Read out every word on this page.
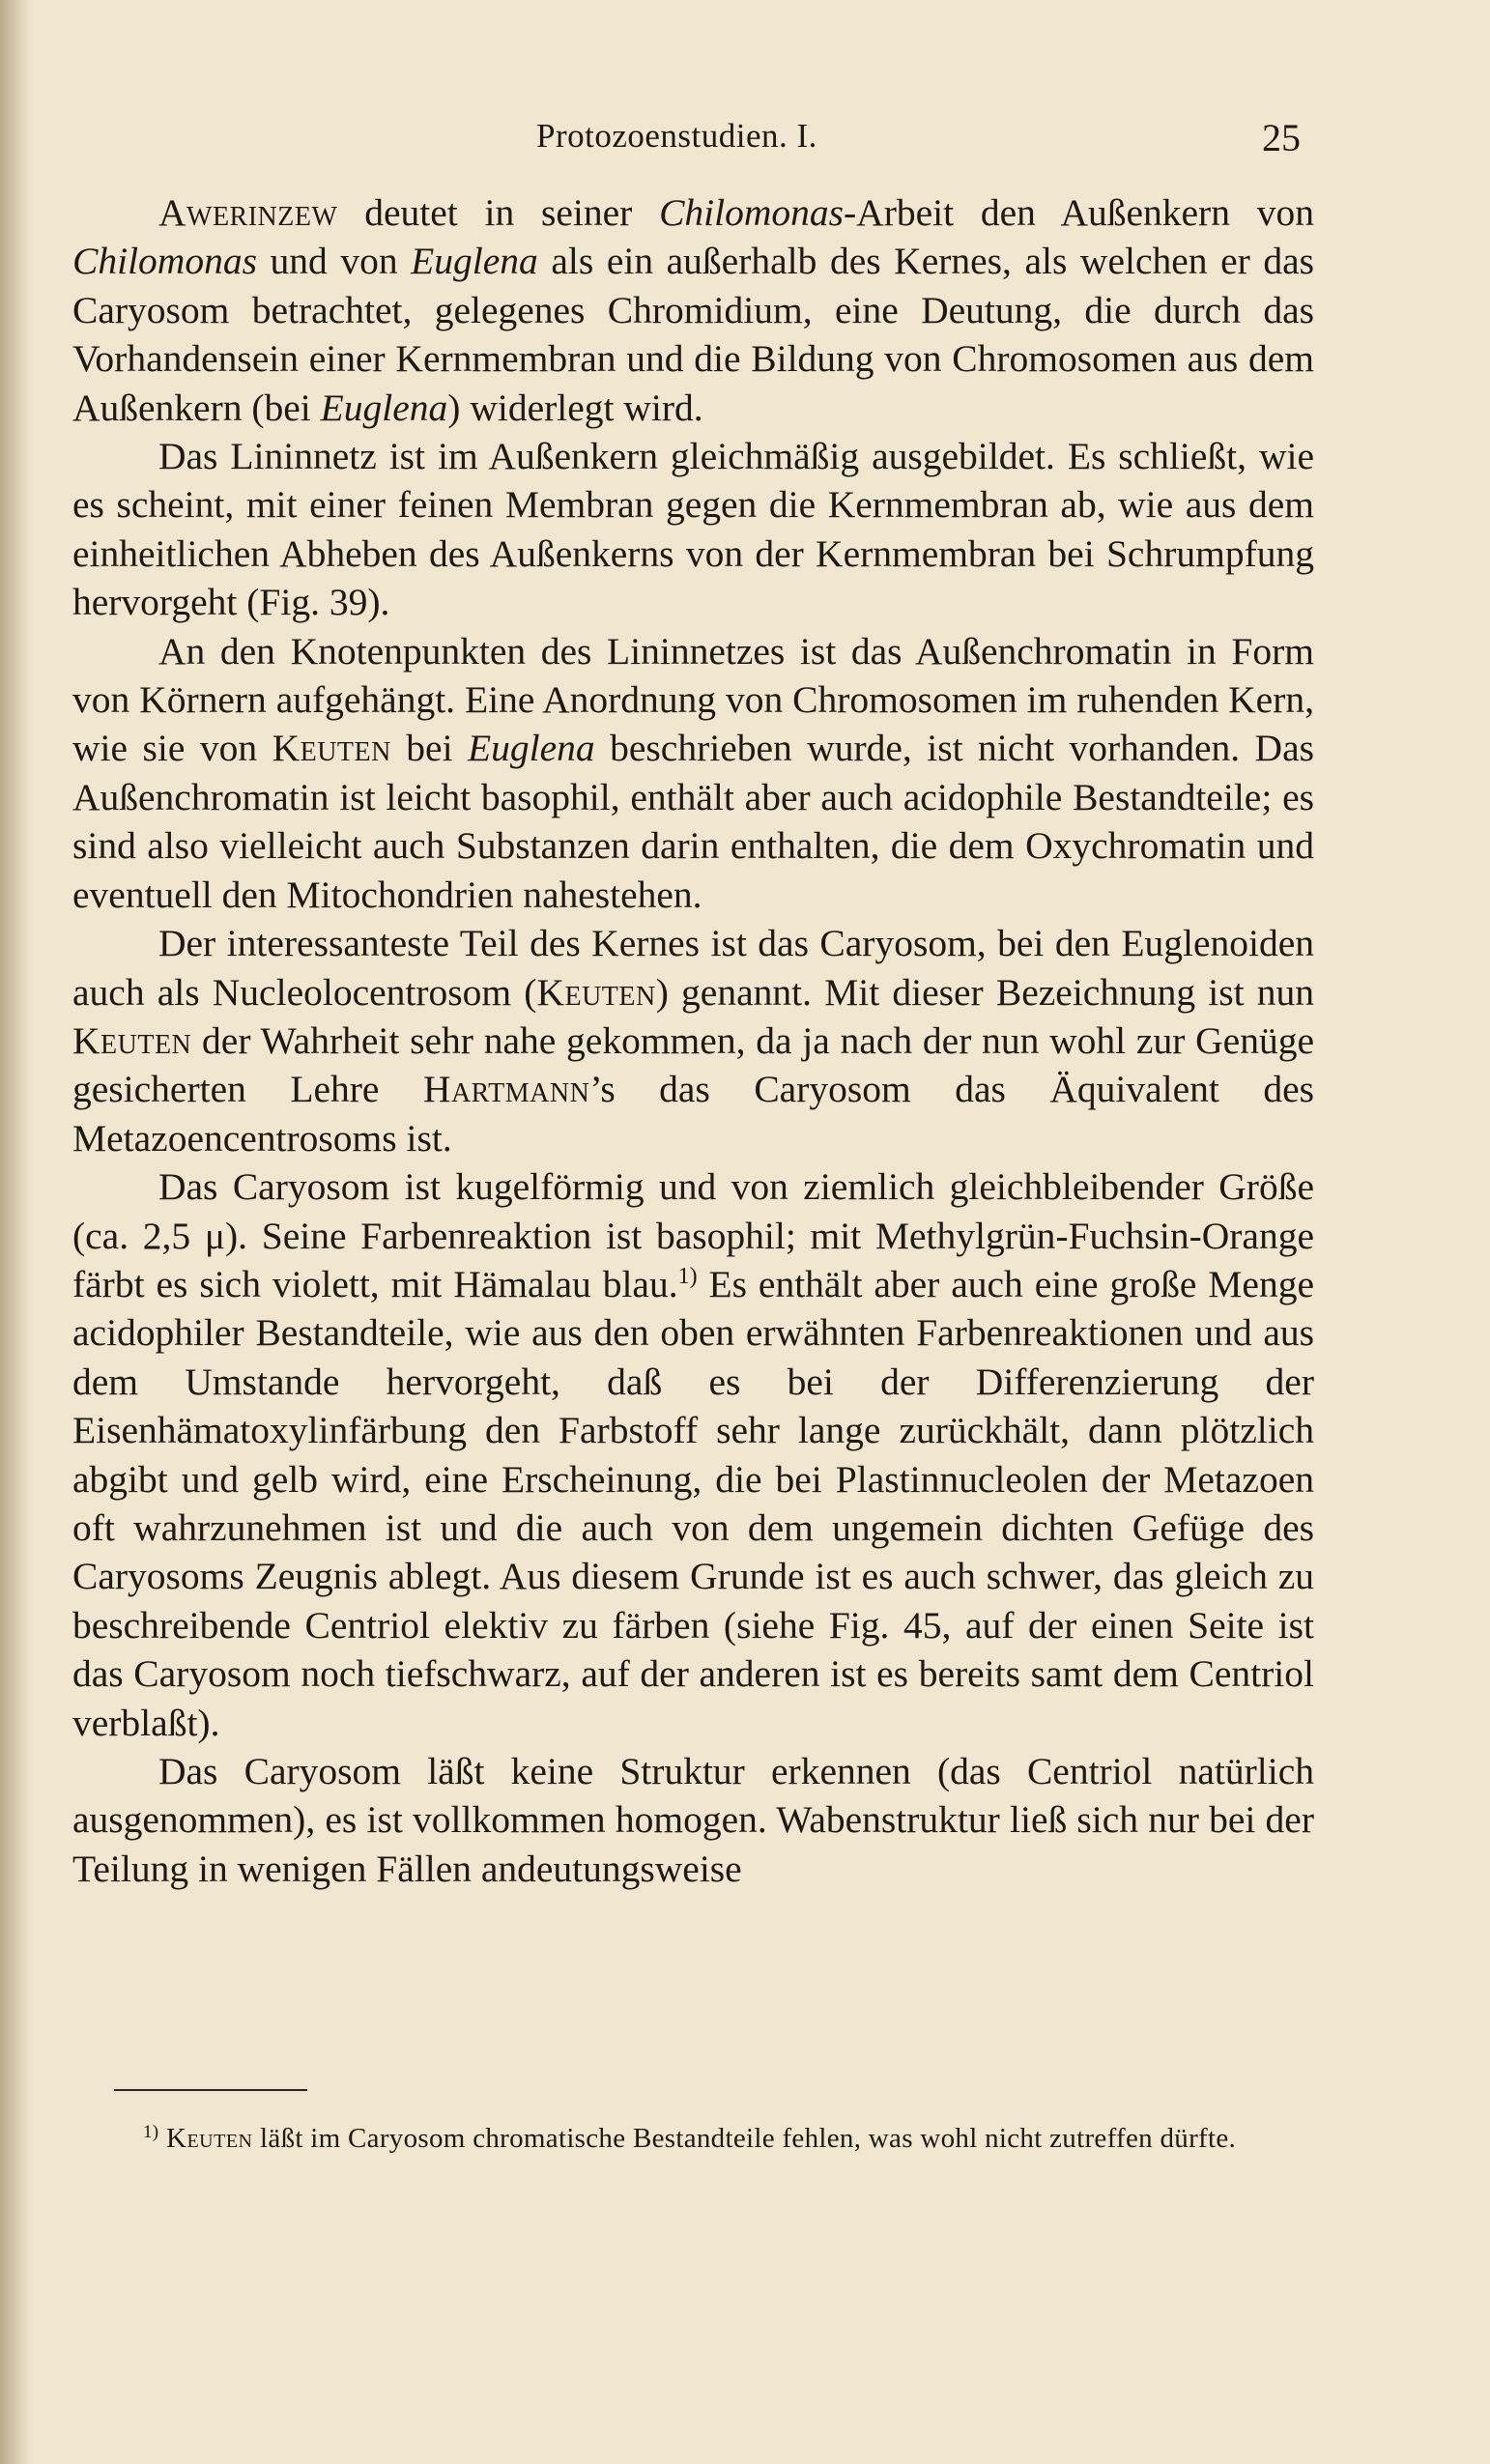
Protozoenstudien. I.	25

Awerinzew deutet in seiner Chilomonas-Arbeit den Außenkern von Chilomonas und von Euglena als ein außerhalb des Kernes, als welchen er das Caryosom betrachtet, gelegenes Chromidium, eine Deutung, die durch das Vorhandensein einer Kernmembran und die Bildung von Chromosomen aus dem Außenkern (bei Euglena) widerlegt wird.

Das Lininnetz ist im Außenkern gleichmäßig ausgebildet. Es schließt, wie es scheint, mit einer feinen Membran gegen die Kernmembran ab, wie aus dem einheitlichen Abheben des Außenkerns von der Kernmembran bei Schrumpfung hervorgeht (Fig. 39).

An den Knotenpunkten des Lininnetzes ist das Außenchromatin in Form von Körnern aufgehängt. Eine Anordnung von Chromosomen im ruhenden Kern, wie sie von Keuten bei Euglena beschrieben wurde, ist nicht vorhanden. Das Außenchromatin ist leicht basophil, enthält aber auch acidophile Bestandteile; es sind also vielleicht auch Substanzen darin enthalten, die dem Oxychromatin und eventuell den Mitochondrien nahestehen.

Der interessanteste Teil des Kernes ist das Caryosom, bei den Euglenoiden auch als Nucleolocentrosom (Keuten) genannt. Mit dieser Bezeichnung ist nun Keuten der Wahrheit sehr nahe gekommen, da ja nach der nun wohl zur Genüge gesicherten Lehre Hartmann’s das Caryosom das Äquivalent des Metazoencentrosoms ist.

Das Caryosom ist kugelförmig und von ziemlich gleichbleibender Größe (ca. 2,5 μ). Seine Farbenreaktion ist basophil; mit Methylgrün-Fuchsin-Orange färbt es sich violett, mit Hämalau blau.$^{1)}$ Es enthält aber auch eine große Menge acidophiler Bestandteile, wie aus den oben erwähnten Farbenreaktionen und aus dem Umstande hervorgeht, daß es bei der Differenzierung der Eisenhämatoxylinfärbung den Farbstoff sehr lange zurückhält, dann plötzlich abgibt und gelb wird, eine Erscheinung, die bei Plastinnucleolen der Metazoen oft wahrzunehmen ist und die auch von dem ungemein dichten Gefüge des Caryosoms Zeugnis ablegt. Aus diesem Grunde ist es auch schwer, das gleich zu beschreibende Centriol elektiv zu färben (siehe Fig. 45, auf der einen Seite ist das Caryosom noch tiefschwarz, auf der anderen ist es bereits samt dem Centriol verblaßt).

Das Caryosom läßt keine Struktur erkennen (das Centriol natürlich ausgenommen), es ist vollkommen homogen. Wabenstruktur ließ sich nur bei der Teilung in wenigen Fällen andeutungsweise

$^{1)}$ Keuten läßt im Caryosom chromatische Bestandteile fehlen, was wohl nicht zutreffen dürfte.
